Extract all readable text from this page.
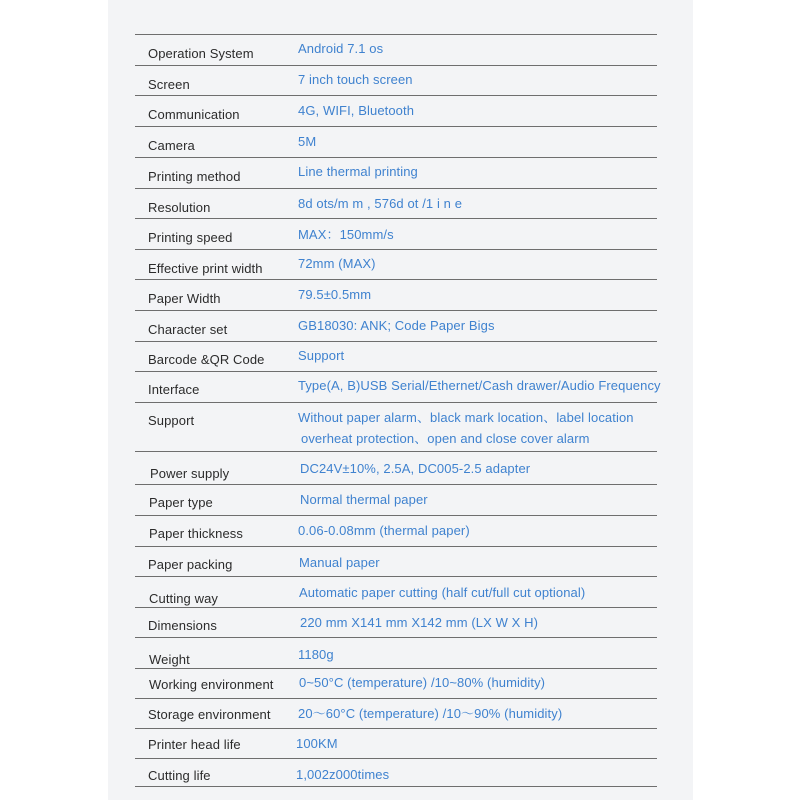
Operation System	Android 7.1 os
Screen	7 inch touch screen
Communication	4G, WIFI, Bluetooth
Camera	5M
Printing method	Line thermal printing
Resolution	8d ots/m m , 576d ot /1 i n e
Printing speed	MAX：150mm/s
Effective print width	72mm (MAX)
Paper Width	79.5±0.5mm
Character set	GB18030: ANK; Code Paper Bigs
Barcode &QR Code	Support
Interface	Type(A, B)USB Serial/Ethernet/Cash drawer/Audio Frequency
Support	Without paper alarm、black mark location、label location
overheat protection、open and close cover alarm
Power supply	DC24V±10%, 2.5A, DC005-2.5 adapter
Paper type	Normal thermal paper
Paper thickness	0.06-0.08mm (thermal paper)
Paper packing	Manual paper
Cutting way	Automatic paper cutting (half cut/full cut optional)
Dimensions	220 mm X141 mm X142 mm (LX W X H)
Weight	1180g
Working environment 0~50°C (temperature) /10~80% (humidity)
Storage environment 20〜60°C (temperature) /10〜90% (humidity)
Printer head life	100KM
Cutting life	1,002z000times
